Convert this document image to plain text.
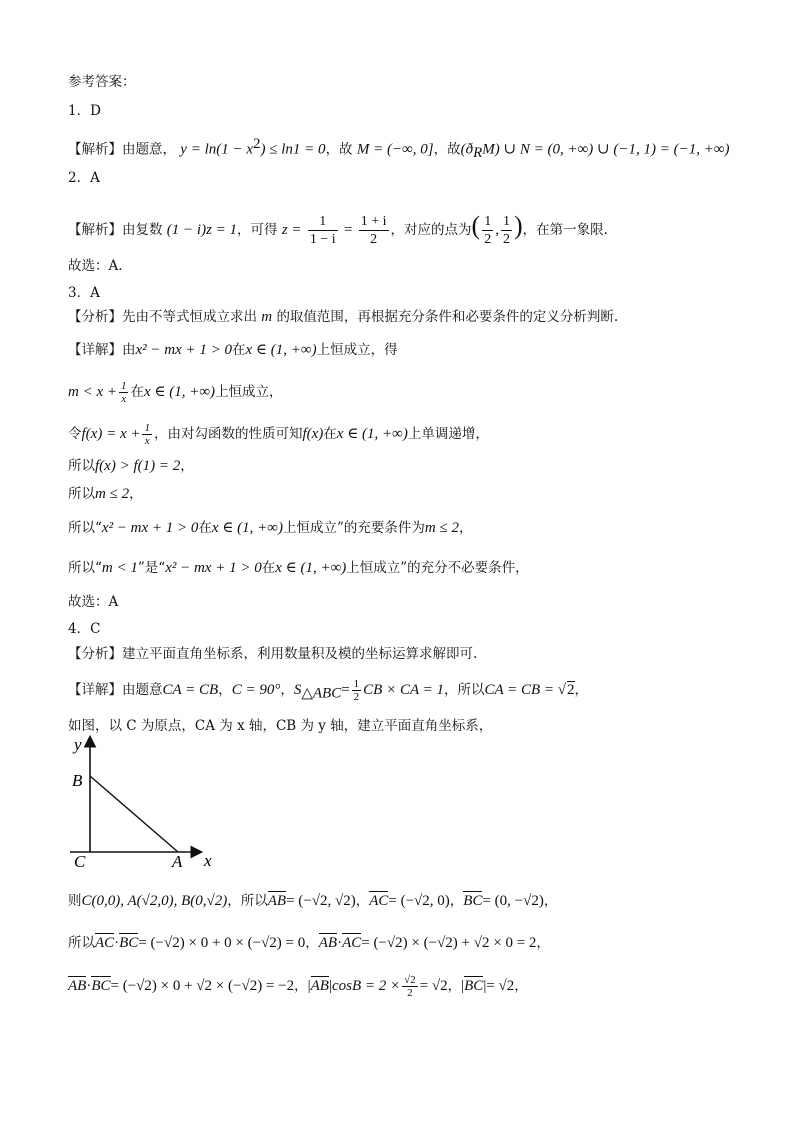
参考答案：
1．D
【解析】由题意， $y = \ln(1 - x^2) \le \ln 1 = 0$，故 M = (−∞, 0]，故$(ð_RM)$ ∪ N = (0, +∞) ∪ (−1, 1) = (−1, +∞)
2．A
【解析】由复数 (1 − i)z = 1，可得 $z = \frac{1}{1 - i} = \frac{1 + i}{2}$ ，对应的点为( $\frac{1}{2}$ , $\frac{1}{2}$ )，在第一象限.
故选：A.
3．A
【分析】先由不等式恒成立求出 m 的取值范围，再根据充分条件和必要条件的定义分析判断.
【详解】由x² − mx + 1 > 0在x ∈ (1, +∞)上恒成立，得
$m < x + \frac{1}{x}$ 在x ∈ (1, +∞)上恒成立，
令$f(x) = x + \frac{1}{x}$ ，由对勾函数的性质可知f(x)在x ∈ (1, +∞)上单调递增，
所以f(x) > f(1) = 2，
所以m ≤ 2，
所以“x² − mx + 1 > 0在x ∈ (1, +∞)上恒成立”的充要条件为m ≤ 2，
所以“m < 1”是“x² − mx + 1 > 0在x ∈ (1, +∞)上恒成立”的充分不必要条件，
故选：A
4．C
【分析】建立平面直角坐标系，利用数量积及模的坐标运算求解即可.
【详解】由题意CA = CB，C = 90°，$S_{\triangle ABC}= \frac{1}{2}$ CB × CA = 1，所以CA = CB = √2，
如图，以 C 为原点，CA 为 x 轴，CB 为 y 轴，建立平面直角坐标系，
y
x
B
C	A
则C(0,0), A(√2,0), B(0,√2)，所以AB= (−√2, √2)，AC= (−√2, 0)，BC= (0, −√2)，
所以AC·BC= (−√2) × 0 + 0 × (−√2) = 0，AB·AC= (−√2) × (−√2) + √2 × 0 = 2，
AB·BC= (−√2) × 0 + √2 × (−√2) = −2，$|AB|\cos B = 2 \times \frac{√2}{2} = √2$，|BC|= √2，
